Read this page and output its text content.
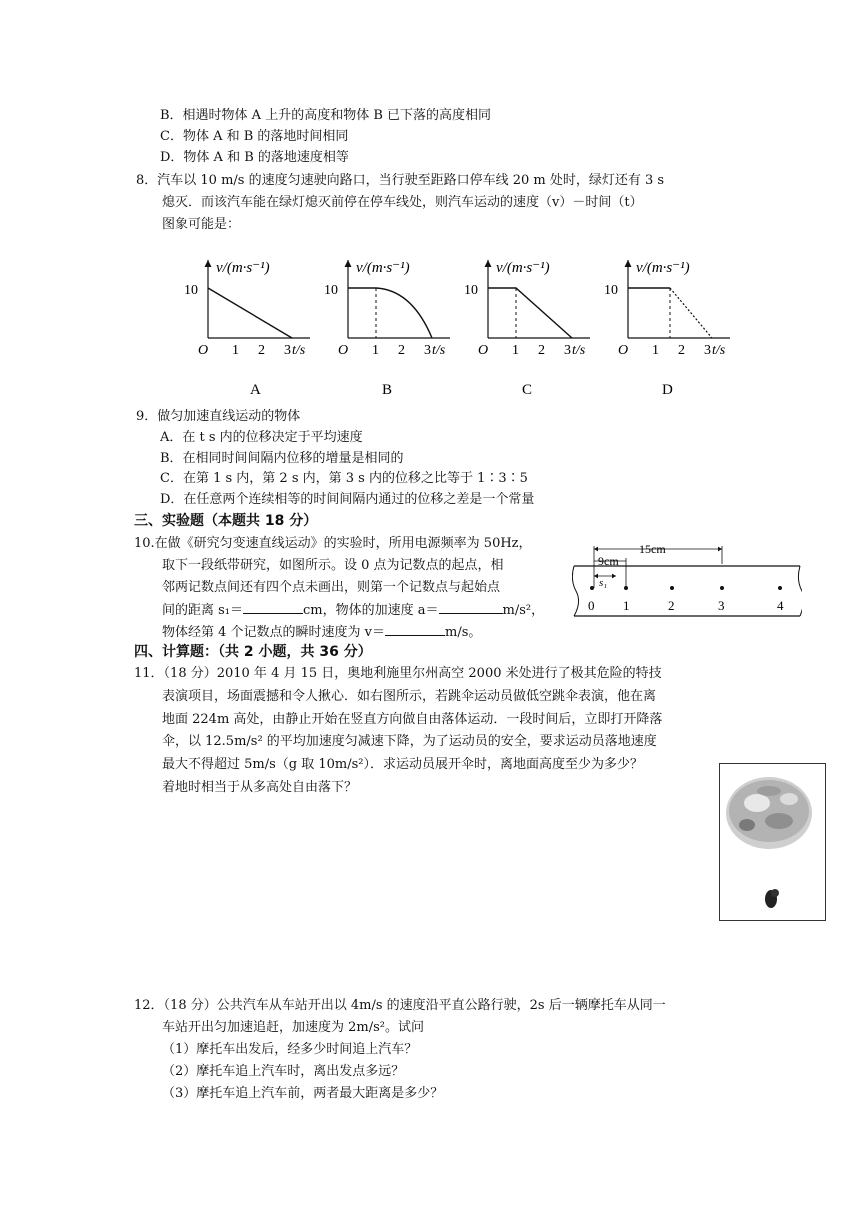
B．相遇时物体 A 上升的高度和物体 B 已下落的高度相同
C．物体 A 和 B 的落地时间相同
D．物体 A 和 B 的落地速度相等
8．汽车以 10 m/s 的速度匀速驶向路口，当行驶至距路口停车线 20 m 处时，绿灯还有 3 s
熄灭．而该汽车能在绿灯熄灭前停在停车线处，则汽车运动的速度（v）－时间（t）
图象可能是：
v/(m·s⁻¹)
10
O 1 2 3 t/s
A
v/(m·s⁻¹)
10
O 1 2 3 t/s
B
v/(m·s⁻¹)
10
O 1 2 3 t/s
C
v/(m·s⁻¹)
10
O 1 2 3 t/s
D
9．做匀加速直线运动的物体
A．在 t s 内的位移决定于平均速度
B．在相同时间间隔内位移的增量是相同的
C．在第 1 s 内，第 2 s 内，第 3 s 内的位移之比等于 1∶3∶5
D．在任意两个连续相等的时间间隔内通过的位移之差是一个常量
三、实验题（本题共 18 分）
10.在做《研究匀变速直线运动》的实验时，所用电源频率为 50Hz，
取下一段纸带研究，如图所示。设 0 点为记数点的起点，相
邻两记数点间还有四个点未画出，则第一个记数点与起始点
间的距离 s₁＝	cm，物体的加速度 a＝	m/s²，
物体经第 4 个记数点的瞬时速度为 v＝	m/s。
15cm
9cm
s₁
0 1	2	3	4
四、计算题：（共 2 小题，共 36 分）
11．（18 分）2010 年 4 月 15 日，奥地利施里尔州高空 2000 米处进行了极其危险的特技
表演项目，场面震撼和令人揪心．如右图所示，若跳伞运动员做低空跳伞表演，他在离
地面 224m 高处，由静止开始在竖直方向做自由落体运动．一段时间后，立即打开降落
伞，以 12.5m/s² 的平均加速度匀减速下降，为了运动员的安全，要求运动员落地速度
最大不得超过 5m/s（g 取 10m/s²）．求运动员展开伞时，离地面高度至少为多少？
着地时相当于从多高处自由落下？
12．（18 分）公共汽车从车站开出以 4m/s 的速度沿平直公路行驶，2s 后一辆摩托车从同一
车站开出匀加速追赶，加速度为 2m/s²。试问
（1）摩托车出发后，经多少时间追上汽车？
（2）摩托车追上汽车时，离出发点多远？
（3）摩托车追上汽车前，两者最大距离是多少？
